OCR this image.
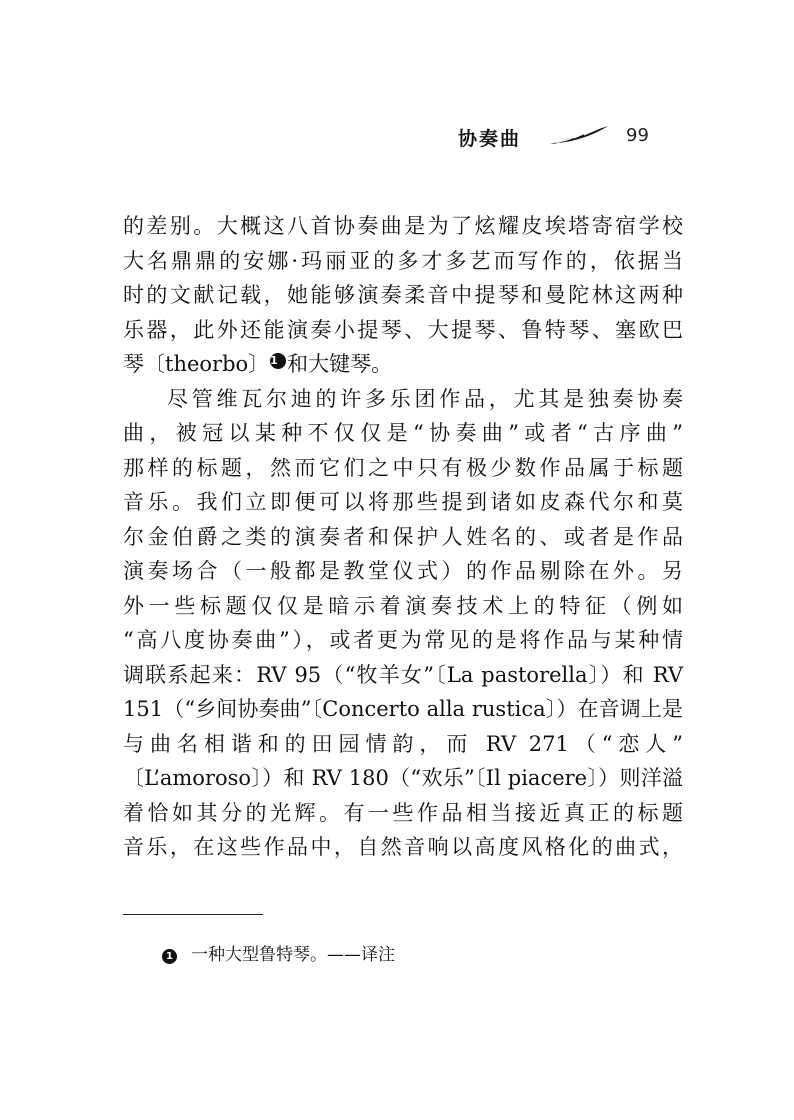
协奏曲	99
的差别。大概这八首协奏曲是为了炫耀皮埃塔寄宿学校
大名鼎鼎的安娜·玛丽亚的多才多艺而写作的，依据当
时的文献记载，她能够演奏柔音中提琴和曼陀林这两种
乐器，此外还能演奏小提琴、大提琴、鲁特琴、塞欧巴
琴〔theorbo〕1 和大键琴。
尽管维瓦尔迪的许多乐团作品，尤其是独奏协奏
曲，被冠以某种不仅仅是“协奏曲”或者“古序曲”
那样的标题，然而它们之中只有极少数作品属于标题
音乐。我们立即便可以将那些提到诸如皮森代尔和莫
尔金伯爵之类的演奏者和保护人姓名的、或者是作品
演奏场合（一般都是教堂仪式）的作品剔除在外。另
外一些标题仅仅是暗示着演奏技术上的特征（例如
“高八度协奏曲”），或者更为常见的是将作品与某种情
调联系起来：RV 95（“牧羊女”〔La pastorella〕）和 RV
151（“乡间协奏曲”〔Concerto alla rustica〕）在音调上是
与曲名相谐和的田园情韵，而 RV 271（“恋人”
〔L’amoroso〕）和 RV 180（“欢乐”〔Il piacere〕）则洋溢
着恰如其分的光辉。有一些作品相当接近真正的标题
音乐，在这些作品中，自然音响以高度风格化的曲式，
1 一种大型鲁特琴。——译注
